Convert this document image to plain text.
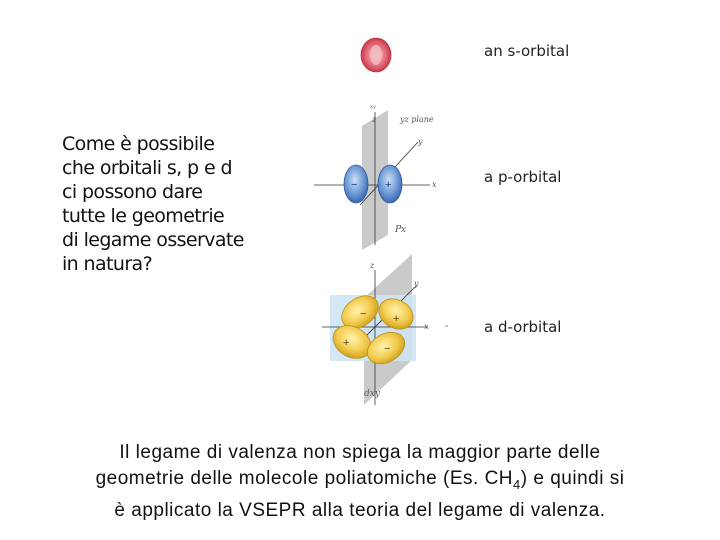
Come è possibile
che orbitali s, p e d
ci possono dare
tutte le geometrie
di legame osservate
in natura?
xy
−	+
yz plane
z
y
x
Px
z
− +
+	−
y
x -
dxy
an s-orbital
a p-orbital
a d-orbital
Il legame di valenza non spiega la maggior parte delle
geometrie delle molecole poliatomiche (Es. $CH_4$) e quindi si
è applicato la VSEPR alla teoria del legame di valenza.
